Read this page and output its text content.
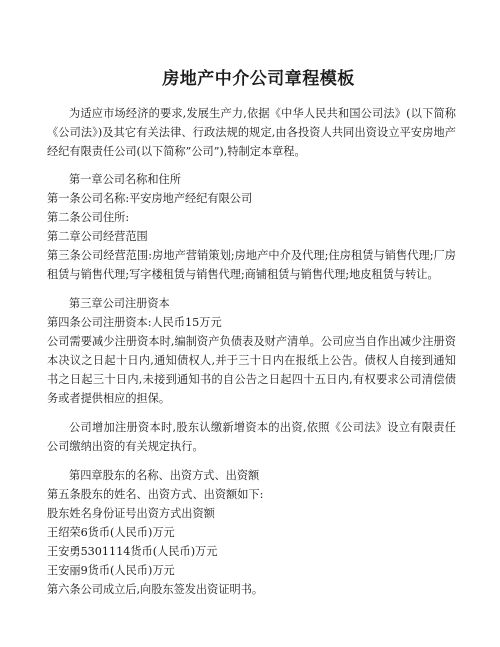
房地产中介公司章程模板

为适应市场经济的要求,发展生产力,依据《中华人民共和国公司法》(以下简称《公司法》)及其它有关法律、行政法规的规定,由各投资人共同出资设立平安房地产经纪有限责任公司(以下简称”公司”),特制定本章程。

第一章公司名称和住所

第一条公司名称:平安房地产经纪有限公司

第二条公司住所:

第二章公司经营范围

第三条公司经营范围:房地产营销策划;房地产中介及代理;住房租赁与销售代理;厂房租赁与销售代理;写字楼租赁与销售代理;商铺租赁与销售代理;地皮租赁与转让。

第三章公司注册资本

第四条公司注册资本:人民币15万元

公司需要减少注册资本时,编制资产负债表及财产清单。公司应当自作出减少注册资本决议之日起十日内,通知债权人,并于三十日内在报纸上公告。债权人自接到通知书之日起三十日内,未接到通知书的自公告之日起四十五日内,有权要求公司清偿债务或者提供相应的担保。

公司增加注册资本时,股东认缴新增资本的出资,依照《公司法》设立有限责任公司缴纳出资的有关规定执行。

第四章股东的名称、出资方式、出资额

第五条股东的姓名、出资方式、出资额如下:

股东姓名身份证号出资方式出资额

王绍荣6货币(人民币)万元

王安勇5301114货币(人民币)万元

王安丽9货币(人民币)万元

第六条公司成立后,向股东签发出资证明书。
